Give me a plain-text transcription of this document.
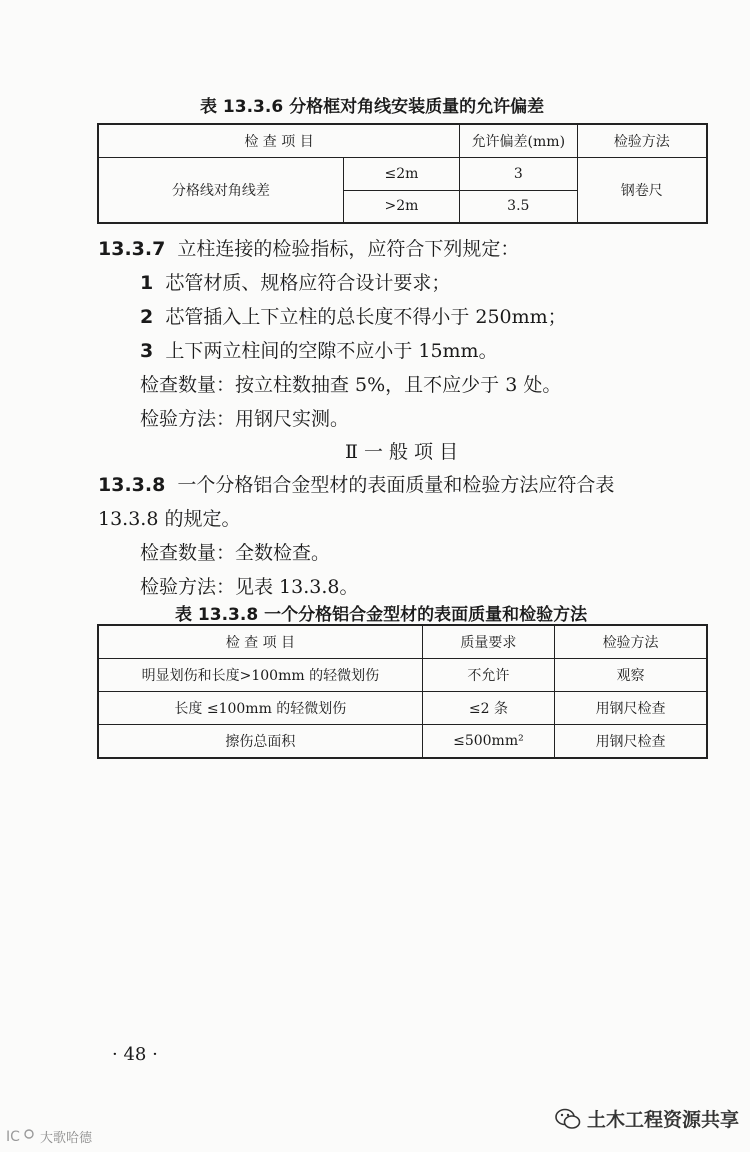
表 13.3.6 分格框对角线安装质量的允许偏差
检 查 项 目		允许偏差(mm)	检验方法
分格线对角线差	≤2m	3	钢卷尺
	>2m	3.5	
13.3.7 立柱连接的检验指标，应符合下列规定：
1 芯管材质、规格应符合设计要求；
2 芯管插入上下立柱的总长度不得小于 250mm；
3 上下两立柱间的空隙不应小于 15mm。
检查数量：按立柱数抽查 5%，且不应少于 3 处。
检验方法：用钢尺实测。
Ⅱ 一 般 项 目
13.3.8 一个分格铝合金型材的表面质量和检验方法应符合表
13.3.8 的规定。
检查数量：全数检查。
检验方法：见表 13.3.8。
表 13.3.8 一个分格铝合金型材的表面质量和检验方法
检 查 项 目	质量要求	检验方法
明显划伤和长度>100mm 的轻微划伤	不允许	观察
长度 ≤100mm 的轻微划伤	≤2 条	用钢尺检查
擦伤总面积	≤500mm²	用钢尺检查
· 48 ·
土木工程资源共享
IC 大歌哈德
